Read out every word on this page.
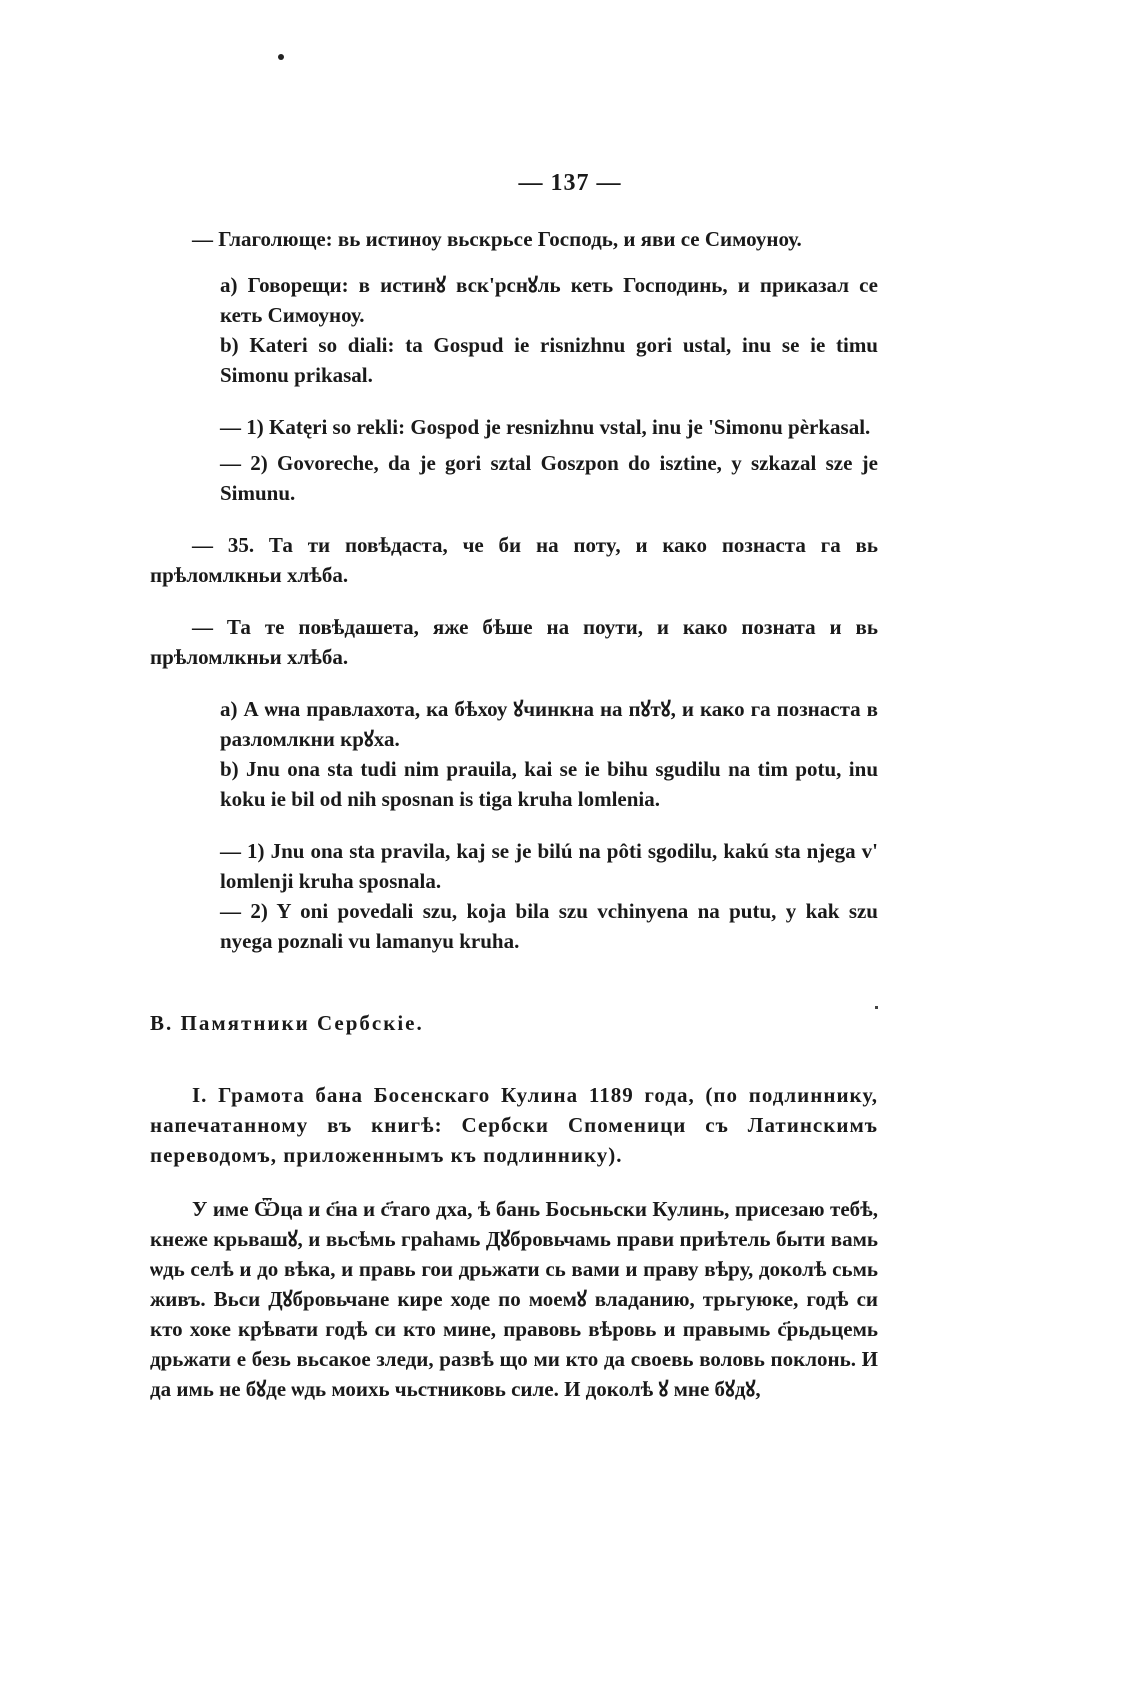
— 137 —

— Глаголюще: вь истиноу вьскрьсе Господь, и яви се Симоуноу.

a) Говорещи: в истинꙋ вск'рснꙋль кеть Господинь, и приказал се кеть Симоуноу.

b) Kateri so diali: ta Gospud ie risnizhnu gori ustal, inu se ie timu Simonu prikasal.

— 1) Katęri so rekli: Gospod je resnizhnu vstal, inu je 'Simonu pèrkasal.

— 2) Govoreche, da je gori sztal Goszpon do isztine, y szkazal sze je Simunu.

— 35. Та ти повѣдаста, че би на потy, и како познаста га вь прѣломлкньи хлѣба.

— Та те повѣдашета, яже бѣше на поути, и како позната и вь прѣломлкньи хлѣба.

a) А ѡна правлахота, ка бѣхоу ꙋчинкна на пꙋтꙋ, и како га познаста в разломлкни крꙋха.

b) Jnu ona sta tudi nim prauila, kai se ie bihu sgudilu na tim potu, inu koku ie bil od nih sposnan is tiga kruha lomlenia.

— 1) Jnu ona sta pravila, kaj se je bilú na pôti sgodilu, kakú sta njega v' lomlenji kruha sposnala.

— 2) Y oni povedali szu, koja bila szu vchinyena na putu, y kak szu nyega poznali vu lamanyu kruha.

B. Памятники Сербскіе.

I. Грамота бана Босенскаго Кулина 1189 года, (по подлиннику, напечатанному въ книгѣ: Сербски Споменици съ Латинскимъ переводомъ, приложеннымъ къ подлиннику).

У име Ѿца и с҃на и с҃таго дха, ѣ бань Босьньски Кулинь, присезаю тебѣ, кнеже крьвашꙋ, и вьсѣмь граһамь Дꙋбровьчамь прави приѣтель быти вамь ѡдь селѣ и до вѣка, и правь гои дрьжати сь вами и праву вѣру, доколѣ сьмь живъ. Вьси Дꙋбровьчане кире ходе по моемꙋ владанию, трьгуюке, годѣ си кто хоке крѣвати годѣ си кто мине, правовь вѣровь и правымь с҃рьдьцемь дрьжати е безь вьсакое зледи, развѣ що ми кто да своевь воловь поклонь. И да имь не бꙋде ѡдь моихь чьстниковь силе. И доколѣ ꙋ мне бꙋдꙋ,
